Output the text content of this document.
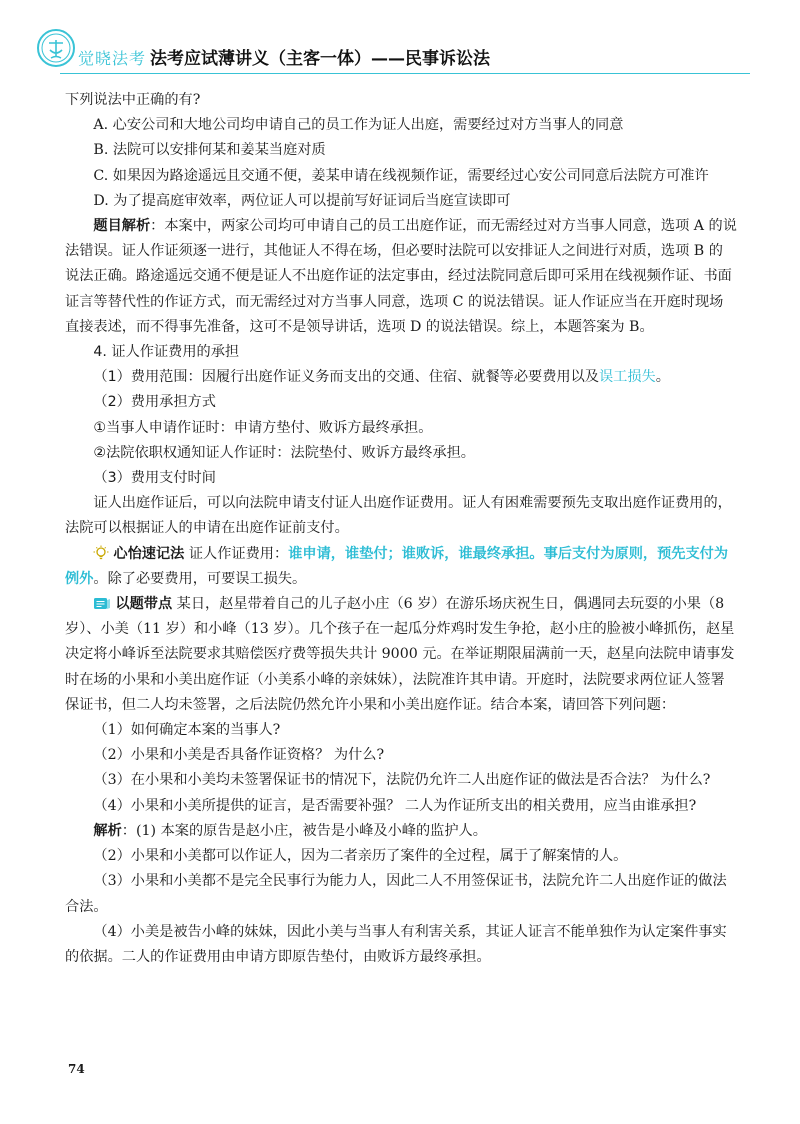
觉晓法考 法考应试薄讲义（主客一体）——民事诉讼法

下列说法中正确的有?

A. 心安公司和大地公司均申请自己的员工作为证人出庭，需要经过对方当事人的同意

B. 法院可以安排何某和姜某当庭对质

C. 如果因为路途遥远且交通不便，姜某申请在线视频作证，需要经过心安公司同意后法院方可准许

D. 为了提高庭审效率，两位证人可以提前写好证词后当庭宣读即可

题目解析：本案中，两家公司均可申请自己的员工出庭作证，而无需经过对方当事人同意，选项 A 的说法错误。证人作证须逐一进行，其他证人不得在场，但必要时法院可以安排证人之间进行对质，选项 B 的说法正确。路途遥远交通不便是证人不出庭作证的法定事由，经过法院同意后即可采用在线视频作证、书面证言等替代性的作证方式，而无需经过对方当事人同意，选项 C 的说法错误。证人作证应当在开庭时现场直接表述，而不得事先准备，这可不是领导讲话，选项 D 的说法错误。综上，本题答案为 B。

4. 证人作证费用的承担

（1）费用范围：因履行出庭作证义务而支出的交通、住宿、就餐等必要费用以及误工损失。

（2）费用承担方式

①当事人申请作证时：申请方垫付、败诉方最终承担。

②法院依职权通知证人作证时：法院垫付、败诉方最终承担。

（3）费用支付时间

证人出庭作证后，可以向法院申请支付证人出庭作证费用。证人有困难需要预先支取出庭作证费用的，法院可以根据证人的申请在出庭作证前支付。

心怡速记法 证人作证费用：谁申请，谁垫付；谁败诉，谁最终承担。事后支付为原则，预先支付为例外。除了必要费用，可要误工损失。

以题带点 某日，赵星带着自己的儿子赵小庄（6 岁）在游乐场庆祝生日，偶遇同去玩耍的小果（8 岁）、小美（11 岁）和小峰（13 岁）。几个孩子在一起瓜分炸鸡时发生争抢，赵小庄的脸被小峰抓伤，赵星决定将小峰诉至法院要求其赔偿医疗费等损失共计 9000 元。在举证期限届满前一天，赵星向法院申请事发时在场的小果和小美出庭作证（小美系小峰的亲妹妹），法院准许其申请。开庭时，法院要求两位证人签署保证书，但二人均未签署，之后法院仍然允许小果和小美出庭作证。结合本案，请回答下列问题：

（1）如何确定本案的当事人?

（2）小果和小美是否具备作证资格？ 为什么?

（3）在小果和小美均未签署保证书的情况下，法院仍允许二人出庭作证的做法是否合法？ 为什么?

（4）小果和小美所提供的证言，是否需要补强？ 二人为作证所支出的相关费用，应当由谁承担?

解析：(1) 本案的原告是赵小庄，被告是小峰及小峰的监护人。

（2）小果和小美都可以作证人，因为二者亲历了案件的全过程，属于了解案情的人。

（3）小果和小美都不是完全民事行为能力人，因此二人不用签保证书，法院允许二人出庭作证的做法合法。

（4）小美是被告小峰的妹妹，因此小美与当事人有利害关系，其证人证言不能单独作为认定案件事实的依据。二人的作证费用由申请方即原告垫付，由败诉方最终承担。

74
